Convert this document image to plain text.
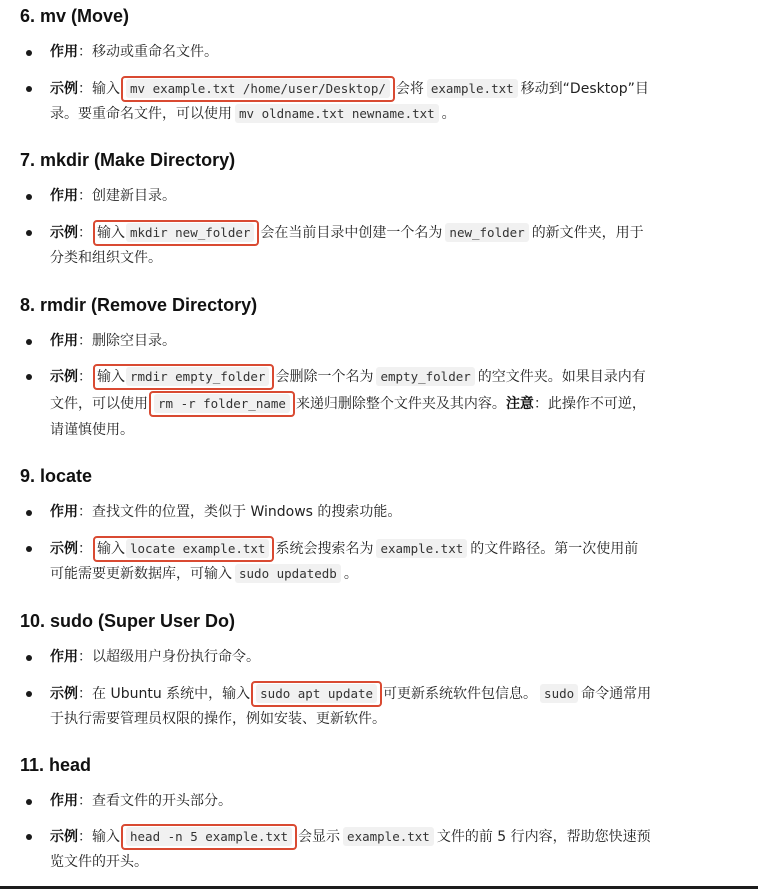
6. mv (Move)
作用：移动或重命名文件。
示例：输入 mv example.txt /home/user/Desktop/ 会将 example.txt 移动到“Desktop”目
录。要重命名文件，可以使用 mv oldname.txt newname.txt 。
7. mkdir (Make Directory)
作用：创建新目录。
示例： 输入 mkdir new_folder 会在当前目录中创建一个名为 new_folder 的新文件夹，用于
分类和组织文件。
8. rmdir (Remove Directory)
作用：删除空目录。
示例： 输入 rmdir empty_folder 会删除一个名为 empty_folder 的空文件夹。如果目录内有
文件，可以使用 rm -r folder_name 来递归删除整个文件夹及其内容。注意：此操作不可逆，
请谨慎使用。
9. locate
作用：查找文件的位置，类似于 Windows 的搜索功能。
示例： 输入 locate example.txt 系统会搜索名为 example.txt 的文件路径。第一次使用前
可能需要更新数据库，可输入 sudo updatedb 。
10. sudo (Super User Do)
作用：以超级用户身份执行命令。
示例：在 Ubuntu 系统中，输入 sudo apt update 可更新系统软件包信息。 sudo 命令通常用
于执行需要管理员权限的操作，例如安装、更新软件。
11. head
作用：查看文件的开头部分。
示例：输入 head -n 5 example.txt 会显示 example.txt 文件的前 5 行内容，帮助您快速预
览文件的开头。
